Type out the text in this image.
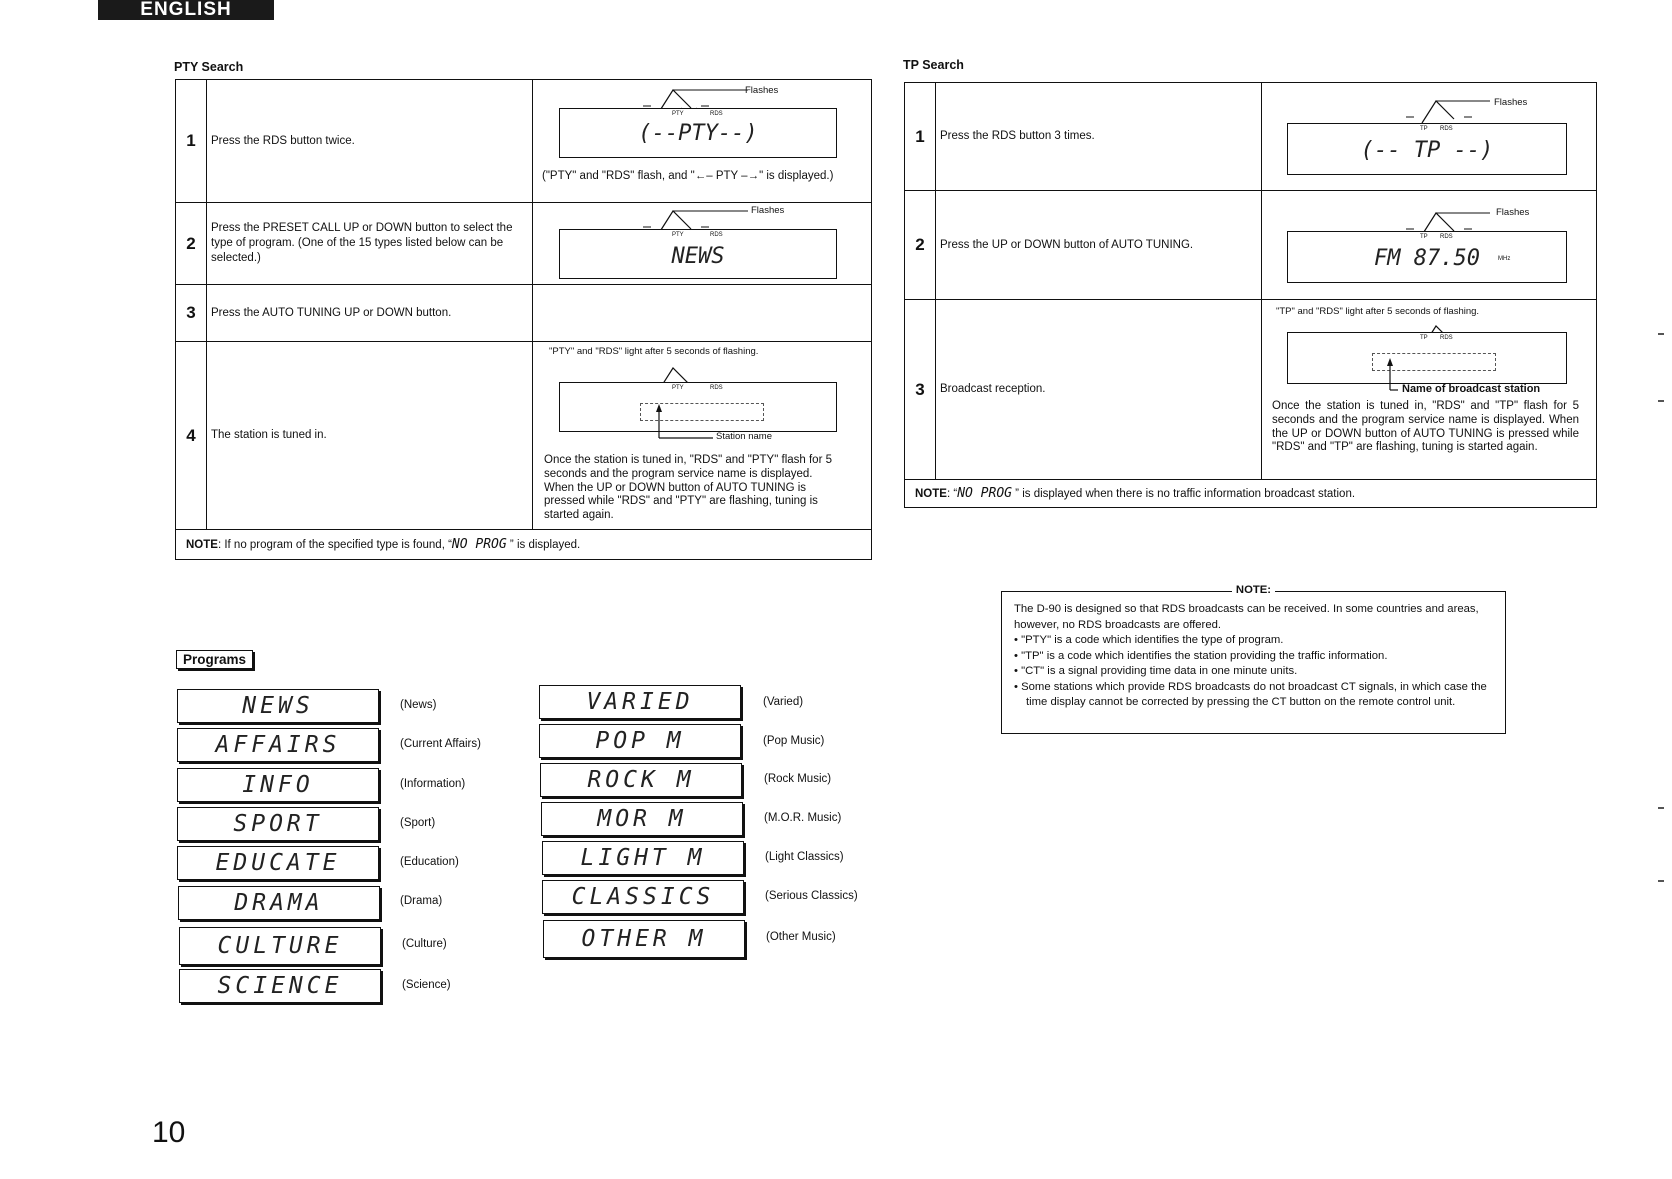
ENGLISH
PTY Search
1	Press the RDS button twice.	Flashes
PTY RDS
(--PTY--)
("PTY" and "RDS" flash, and "←– PTY –→" is displayed.)

2	Press the PRESET CALL UP or DOWN button to select the type of program. (One of the 15 types listed below can be selected.)	Flashes
PTY RDS
NEWS

3	Press the AUTO TUNING UP or DOWN button.	
4	The station is tuned in.	"PTY" and "RDS" light after 5 seconds of flashing.
PTY RDS
Station name
Once the station is tuned in, "RDS" and "PTY" flash for 5 seconds and the program service name is displayed. When the UP or DOWN button of AUTO TUNING is pressed while "RDS" and "PTY" are flashing, tuning is started again.

NOTE: If no program of the specified type is found, “NO PROG ” is displayed.		
TP Search
1	Press the RDS button 3 times.	Flashes
TP RDS
(-- TP --)

2	Press the UP or DOWN button of AUTO TUNING.	Flashes
TP RDS
FM 87.50 MHz

3	Broadcast reception.	"TP" and "RDS" light after 5 seconds of flashing.
TP RDS
Name of broadcast station
Once the station is tuned in, "RDS" and "TP" flash for 5 seconds and the program service name is displayed. When the UP or DOWN button of AUTO TUNING is pressed while "RDS" and "TP" are flashing, tuning is started again.

NOTE: “NO PROG ” is displayed when there is no traffic information broadcast station.		
Programs
NEWS	(News)
AFFAIRS	(Current Affairs)
INFO	(Information)
SPORT	(Sport)
EDUCATE	(Education)
DRAMA	(Drama)
CULTURE	(Culture)
SCIENCE	(Science)
VARIED	(Varied)
POP M	(Pop Music)
ROCK M	(Rock Music)
MOR M	(M.O.R. Music)
LIGHT M	(Light Classics)
CLASSICS	(Serious Classics)
OTHER M	(Other Music)
NOTE:
The D-90 is designed so that RDS broadcasts can be received. In some countries and areas, however, no RDS broadcasts are offered.
• "PTY" is a code which identifies the type of program.
• "TP" is a code which identifies the station providing the traffic information.
• "CT" is a signal providing time data in one minute units.
• Some stations which provide RDS broadcasts do not broadcast CT signals, in which case the time display cannot be corrected by pressing the CT button on the remote control unit.
10
